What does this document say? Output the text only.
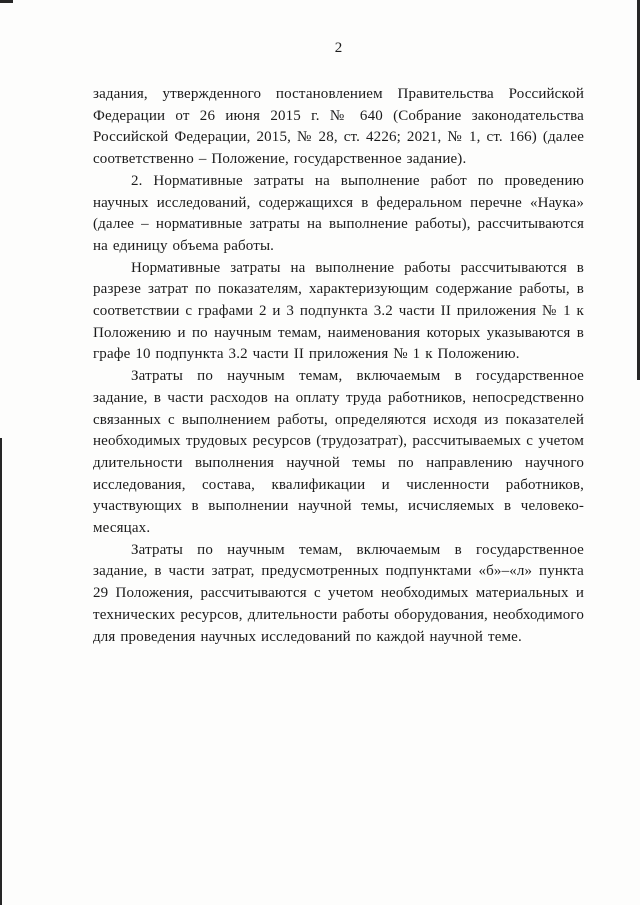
2

задания, утвержденного постановлением Правительства Российской Федерации от 26 июня 2015 г. № 640 (Собрание законодательства Российской Федерации, 2015, № 28, ст. 4226; 2021, № 1, ст. 166) (далее соответственно – Положение, государственное задание).

2. Нормативные затраты на выполнение работ по проведению научных исследований, содержащихся в федеральном перечне «Наука» (далее – нормативные затраты на выполнение работы), рассчитываются на единицу объема работы.

Нормативные затраты на выполнение работы рассчитываются в разрезе затрат по показателям, характеризующим содержание работы, в соответствии с графами 2 и 3 подпункта 3.2 части II приложения № 1 к Положению и по научным темам, наименования которых указываются в графе 10 подпункта 3.2 части II приложения № 1 к Положению.

Затраты по научным темам, включаемым в государственное задание, в части расходов на оплату труда работников, непосредственно связанных с выполнением работы, определяются исходя из показателей необходимых трудовых ресурсов (трудозатрат), рассчитываемых с учетом длительности выполнения научной темы по направлению научного исследования, состава, квалификации и численности работников, участвующих в выполнении научной темы, исчисляемых в человеко-месяцах.

Затраты по научным темам, включаемым в государственное задание, в части затрат, предусмотренных подпунктами «б»–«л» пункта 29 Положения, рассчитываются с учетом необходимых материальных и технических ресурсов, длительности работы оборудования, необходимого для проведения научных исследований по каждой научной теме.
